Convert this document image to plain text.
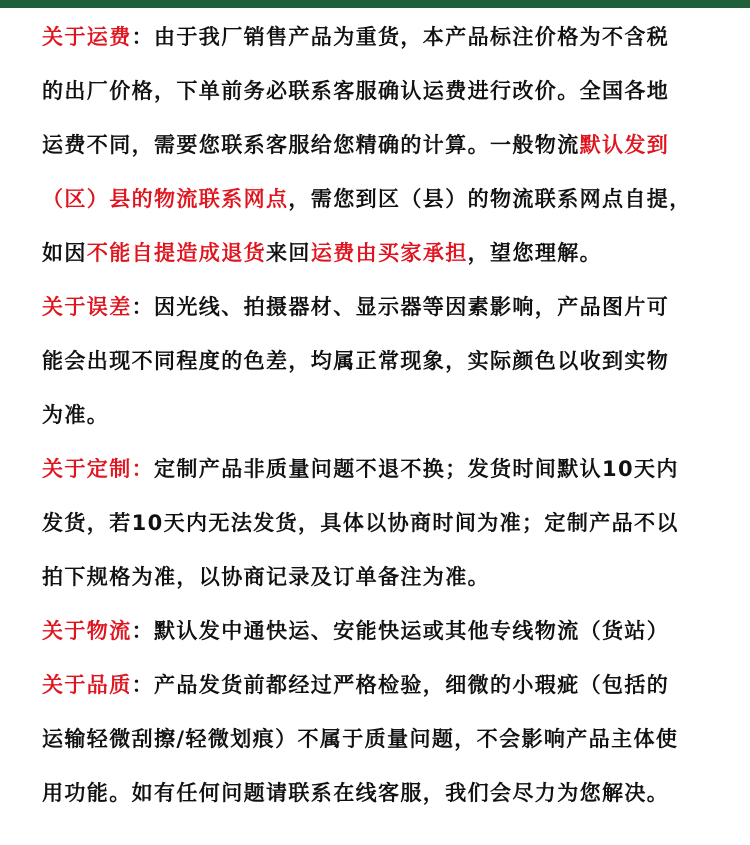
关于运费：由于我厂销售产品为重货，本产品标注价格为不含税
的出厂价格，下单前务必联系客服确认运费进行改价。全国各地
运费不同，需要您联系客服给您精确的计算。一般物流默认发到
（区）县的物流联系网点，需您到区（县）的物流联系网点自提，
如因不能自提造成退货来回运费由买家承担，望您理解。
关于误差：因光线、拍摄器材、显示器等因素影响，产品图片可
能会出现不同程度的色差，均属正常现象，实际颜色以收到实物
为准。
关于定制：定制产品非质量问题不退不换；发货时间默认10天内
发货，若10天内无法发货，具体以协商时间为准；定制产品不以
拍下规格为准，以协商记录及订单备注为准。
关于物流：默认发中通快运、安能快运或其他专线物流（货站）
关于品质：产品发货前都经过严格检验，细微的小瑕疵（包括的
运输轻微刮擦/轻微划痕）不属于质量问题，不会影响产品主体使
用功能。如有任何问题请联系在线客服，我们会尽力为您解决。
